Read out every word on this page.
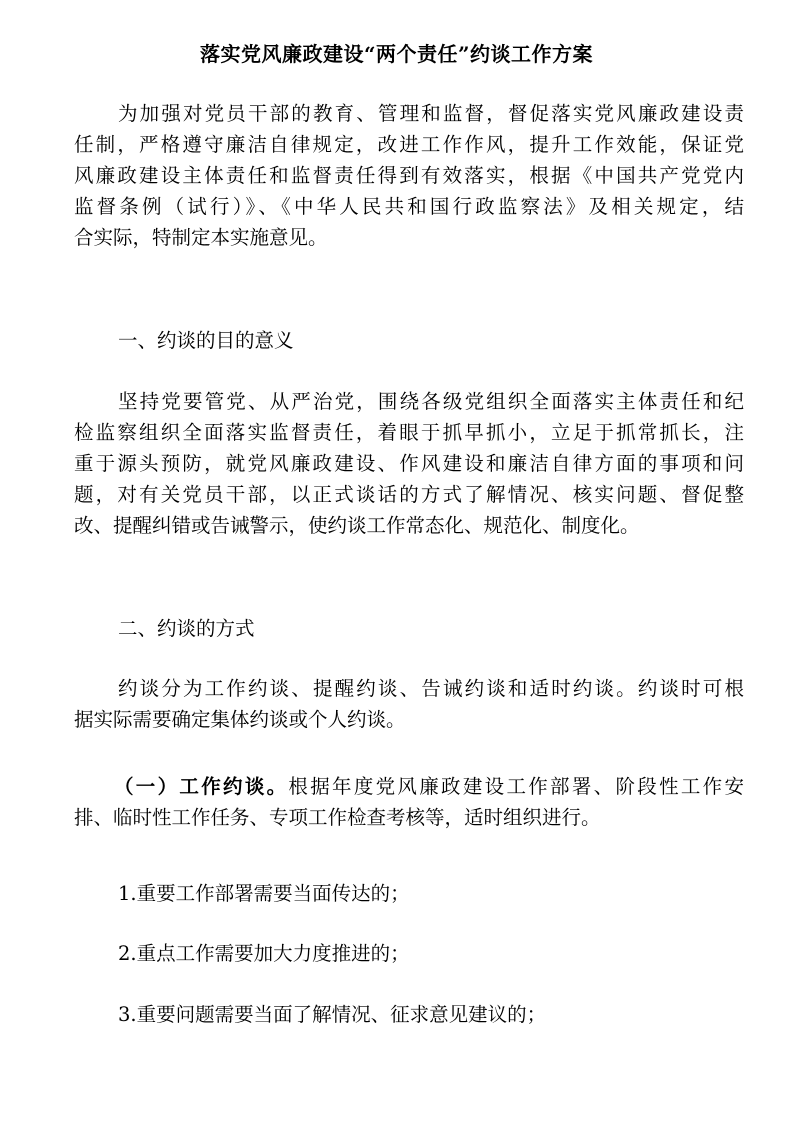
落实党风廉政建设“两个责任”约谈工作方案
为加强对党员干部的教育、管理和监督，督促落实党风廉政建设责
任制，严格遵守廉洁自律规定，改进工作作风，提升工作效能，保证党
风廉政建设主体责任和监督责任得到有效落实，根据《中国共产党党内
监督条例（试行）》、《中华人民共和国行政监察法》及相关规定，结
合实际，特制定本实施意见。
一、约谈的目的意义
坚持党要管党、从严治党，围绕各级党组织全面落实主体责任和纪
检监察组织全面落实监督责任，着眼于抓早抓小，立足于抓常抓长，注
重于源头预防，就党风廉政建设、作风建设和廉洁自律方面的事项和问
题，对有关党员干部，以正式谈话的方式了解情况、核实问题、督促整
改、提醒纠错或告诫警示，使约谈工作常态化、规范化、制度化。
二、约谈的方式
约谈分为工作约谈、提醒约谈、告诫约谈和适时约谈。约谈时可根
据实际需要确定集体约谈或个人约谈。
（一）工作约谈。根据年度党风廉政建设工作部署、阶段性工作安
排、临时性工作任务、专项工作检查考核等，适时组织进行。
1.重要工作部署需要当面传达的；
2.重点工作需要加大力度推进的；
3.重要问题需要当面了解情况、征求意见建议的；
